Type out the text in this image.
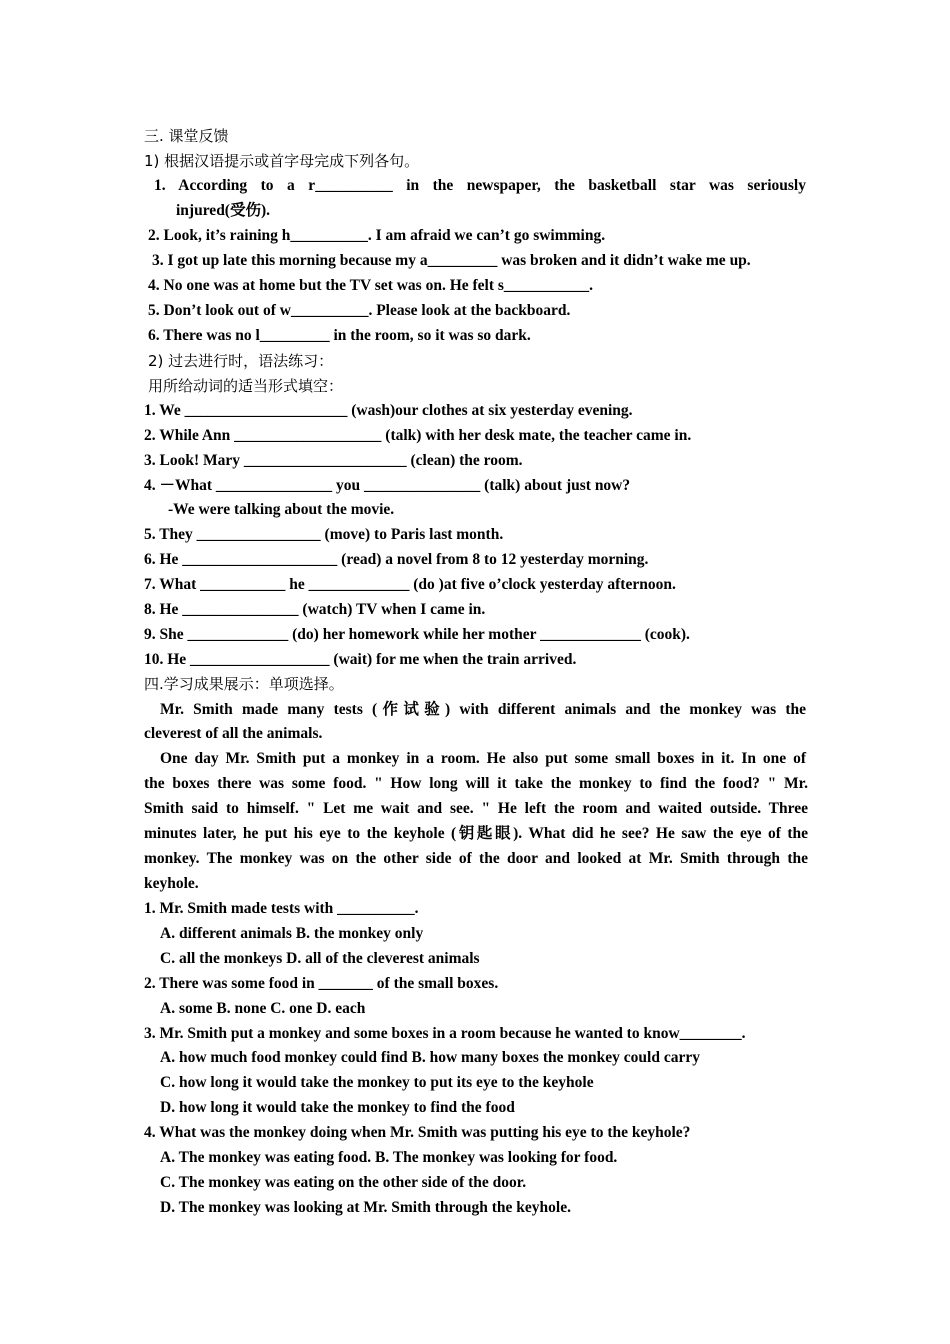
三. 课堂反馈
1) 根据汉语提示或首字母完成下列各句。
1. According to a r__________ in the newspaper, the basketball star was seriously
injured(受伤).
2. Look, it’s raining h__________. I am afraid we can’t go swimming.
3. I got up late this morning because my a_________ was broken and it didn’t wake me up.
4. No one was at home but the TV set was on. He felt s___________.
5. Don’t look out of w__________. Please look at the backboard.
6. There was no l_________ in the room, so it was so dark.
2) 过去进行时，语法练习：
用所给动词的适当形式填空：
1. We _____________________ (wash)our clothes at six yesterday evening.
2. While Ann ___________________ (talk) with her desk mate, the teacher came in.
3. Look! Mary _____________________ (clean) the room.
4. －What _______________ you _______________ (talk) about just now?
-We were talking about the movie.
5. They ________________ (move) to Paris last month.
6. He ____________________ (read) a novel from 8 to 12 yesterday morning.
7. What ___________ he _____________ (do )at five o’clock yesterday afternoon.
8. He _______________ (watch) TV when I came in.
9. She _____________ (do) her homework while her mother _____________ (cook).
10. He __________________ (wait) for me when the train arrived.
四.学习成果展示：单项选择。
Mr. Smith made many tests (作试验) with different animals and the monkey was the
cleverest of all the animals.
One day Mr. Smith put a monkey in a room. He also put some small boxes in it. In one of
the boxes there was some food. " How long will it take the monkey to find the food? " Mr.
Smith said to himself. " Let me wait and see. " He left the room and waited outside. Three
minutes later, he put his eye to the keyhole (钥匙眼). What did he see? He saw the eye of the
monkey. The monkey was on the other side of the door and looked at Mr. Smith through the
keyhole.
1. Mr. Smith made tests with __________.
A. different animals B. the monkey only
C. all the monkeys D. all of the cleverest animals
2. There was some food in _______ of the small boxes.
A. some B. none C. one D. each
3. Mr. Smith put a monkey and some boxes in a room because he wanted to know________.
A. how much food monkey could find B. how many boxes the monkey could carry
C. how long it would take the monkey to put its eye to the keyhole
D. how long it would take the monkey to find the food
4. What was the monkey doing when Mr. Smith was putting his eye to the keyhole?
A. The monkey was eating food. B. The monkey was looking for food.
C. The monkey was eating on the other side of the door.
D. The monkey was looking at Mr. Smith through the keyhole.
